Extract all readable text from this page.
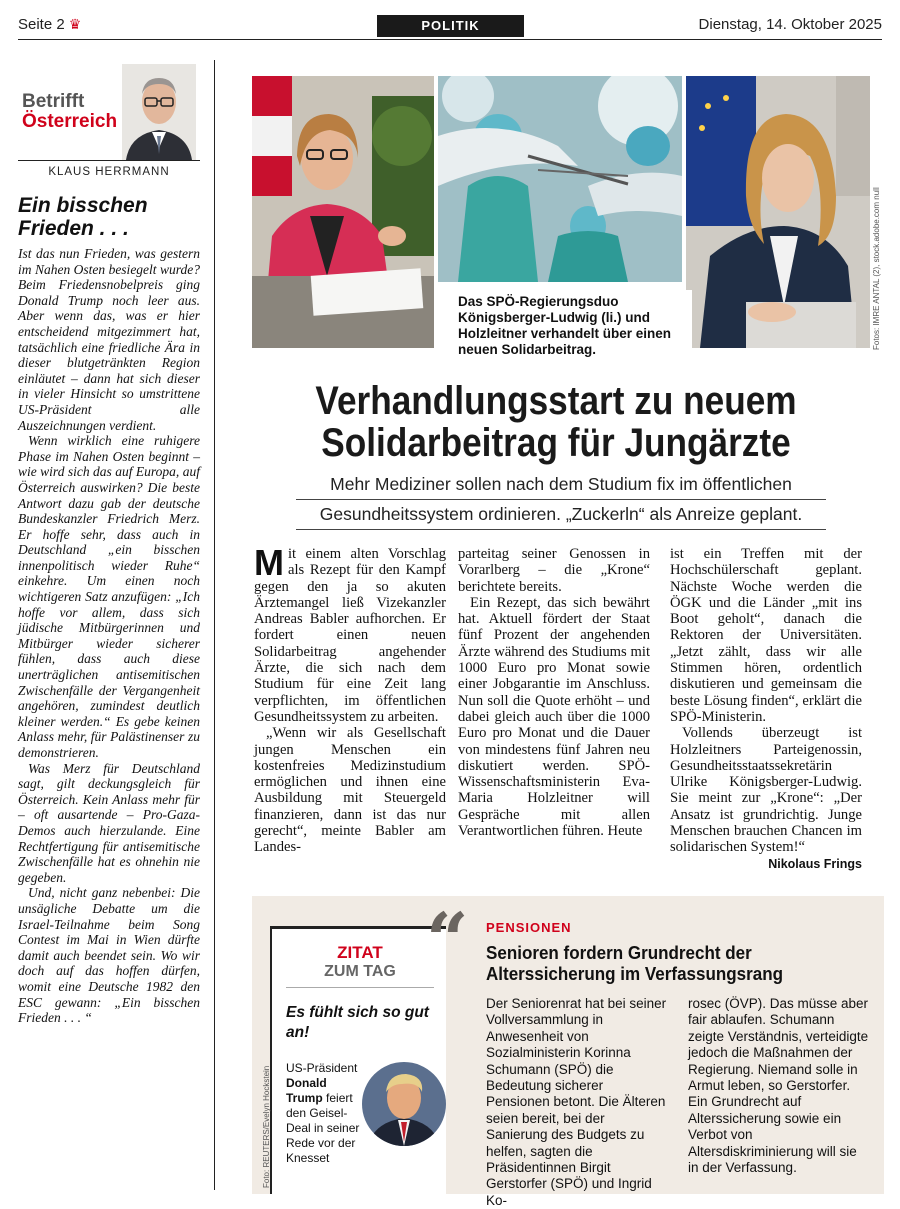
Seite 2 ♛	POLITIK	Dienstag, 14. Oktober 2025
Betrifft
Österreich
KLAUS HERRMANN
Ein bisschen Frieden . . .

Ist das nun Frieden, was gestern im Nahen Osten besiegelt wurde? Beim Friedensnobelpreis ging Donald Trump noch leer aus. Aber wenn das, was er hier entscheidend mitgezimmert hat, tatsächlich eine friedliche Ära in dieser blutgetränkten Region einläutet – dann hat sich dieser in vieler Hinsicht so umstrittene US-Präsident alle Auszeichnungen verdient.

Wenn wirklich eine ruhigere Phase im Nahen Osten beginnt – wie wird sich das auf Europa, auf Österreich auswirken? Die beste Antwort dazu gab der deutsche Bundeskanzler Friedrich Merz. Er hoffe sehr, dass auch in Deutschland „ein bisschen innenpolitisch wieder Ruhe“ einkehre. Um einen noch wichtigeren Satz anzufügen: „Ich hoffe vor allem, dass sich jüdische Mitbürgerinnen und Mitbürger wieder sicherer fühlen, dass auch diese unerträglichen antisemitischen Zwischenfälle der Vergangenheit angehören, zumindest deutlich kleiner werden.“ Es gebe keinen Anlass mehr, für Palästinenser zu demonstrieren.

Was Merz für Deutschland sagt, gilt deckungsgleich für Österreich. Kein Anlass mehr für – oft ausartende – Pro-Gaza-Demos auch hierzulande. Eine Rechtfertigung für antisemitische Zwischenfälle hat es ohnehin nie gegeben.

Und, nicht ganz nebenbei: Die unsägliche Debatte um die Israel-Teilnahme beim Song Contest im Mai in Wien dürfte damit auch beendet sein. Wo wir doch auf das hoffen dürfen, womit eine Deutsche 1982 den ESC gewann: „Ein bisschen Frieden . . . “

Das SPÖ-Regierungsduo Königsberger-Ludwig (li.) und Holzleitner verhandelt über einen neuen Solidarbeitrag.	Fotos: IMRE ANTAL (2), stock.adobe.com null
Verhandlungsstart zu neuem
Solidarbeitrag für Jungärzte
Mehr Mediziner sollen nach dem Studium fix im öffentlichen
Gesundheitssystem ordinieren. „Zuckerln“ als Anreize geplant.

Mit einem alten Vorschlag als Rezept für den Kampf gegen den ja so akuten Ärztemangel ließ Vizekanzler Andreas Babler aufhorchen. Er fordert einen neuen Solidarbeitrag angehender Ärzte, die sich nach dem Studium für eine Zeit lang verpflichten, im öffentlichen Gesundheitssystem zu arbeiten.

„Wenn wir als Gesellschaft jungen Menschen ein kostenfreies Medizinstudium ermöglichen und ihnen eine Ausbildung mit Steuergeld finanzieren, dann ist das nur gerecht“, meinte Babler am Landes-

parteitag seiner Genossen in Vorarlberg – die „Krone“ berichtete bereits.

Ein Rezept, das sich bewährt hat. Aktuell fördert der Staat fünf Prozent der angehenden Ärzte während des Studiums mit 1000 Euro pro Monat sowie einer Jobgarantie im Anschluss. Nun soll die Quote erhöht – und dabei gleich auch über die 1000 Euro pro Monat und die Dauer von mindestens fünf Jahren neu diskutiert werden. SPÖ-Wissenschaftsministerin Eva-Maria Holzleitner will Gespräche mit allen Verantwortlichen führen. Heute

ist ein Treffen mit der Hochschülerschaft geplant. Nächste Woche werden die ÖGK und die Länder „mit ins Boot geholt“, danach die Rektoren der Universitäten. „Jetzt zählt, dass wir alle Stimmen hören, ordentlich diskutieren und gemeinsam die beste Lösung finden“, erklärt die SPÖ-Ministerin.

Vollends überzeugt ist Holzleitners Parteigenossin, Gesundheitsstaatssekretärin Ulrike Königsberger-Ludwig. Sie meint zur „Krone“: „Der Ansatz ist grundrichtig. Junge Menschen brauchen Chancen im solidarischen System!“
Nikolaus Frings

ZITAT
ZUM TAG
Es fühlt sich so gut an!
US-Präsident Donald Trump feiert den Geisel-Deal in seiner Rede vor der Knesset
Foto: REUTERS/Evelyn Hockstein
“ PENSIONEN
Senioren fordern Grundrecht der Alterssicherung im Verfassungsrang
Der Seniorenrat hat bei seiner Vollversammlung in Anwesenheit von Sozialministerin Korinna Schumann (SPÖ) die Bedeutung sicherer Pensionen betont. Die Älteren seien bereit, bei der Sanierung des Budgets zu helfen, sagten die Präsidentinnen Birgit Gerstorfer (SPÖ) und Ingrid Ko-
rosec (ÖVP). Das müsse aber fair ablaufen. Schumann zeigte Verständnis, verteidigte jedoch die Maßnahmen der Regierung. Niemand solle in Armut leben, so Gerstorfer. Ein Grundrecht auf Alterssicherung sowie ein Verbot von Altersdiskriminierung will sie in der Verfassung.
